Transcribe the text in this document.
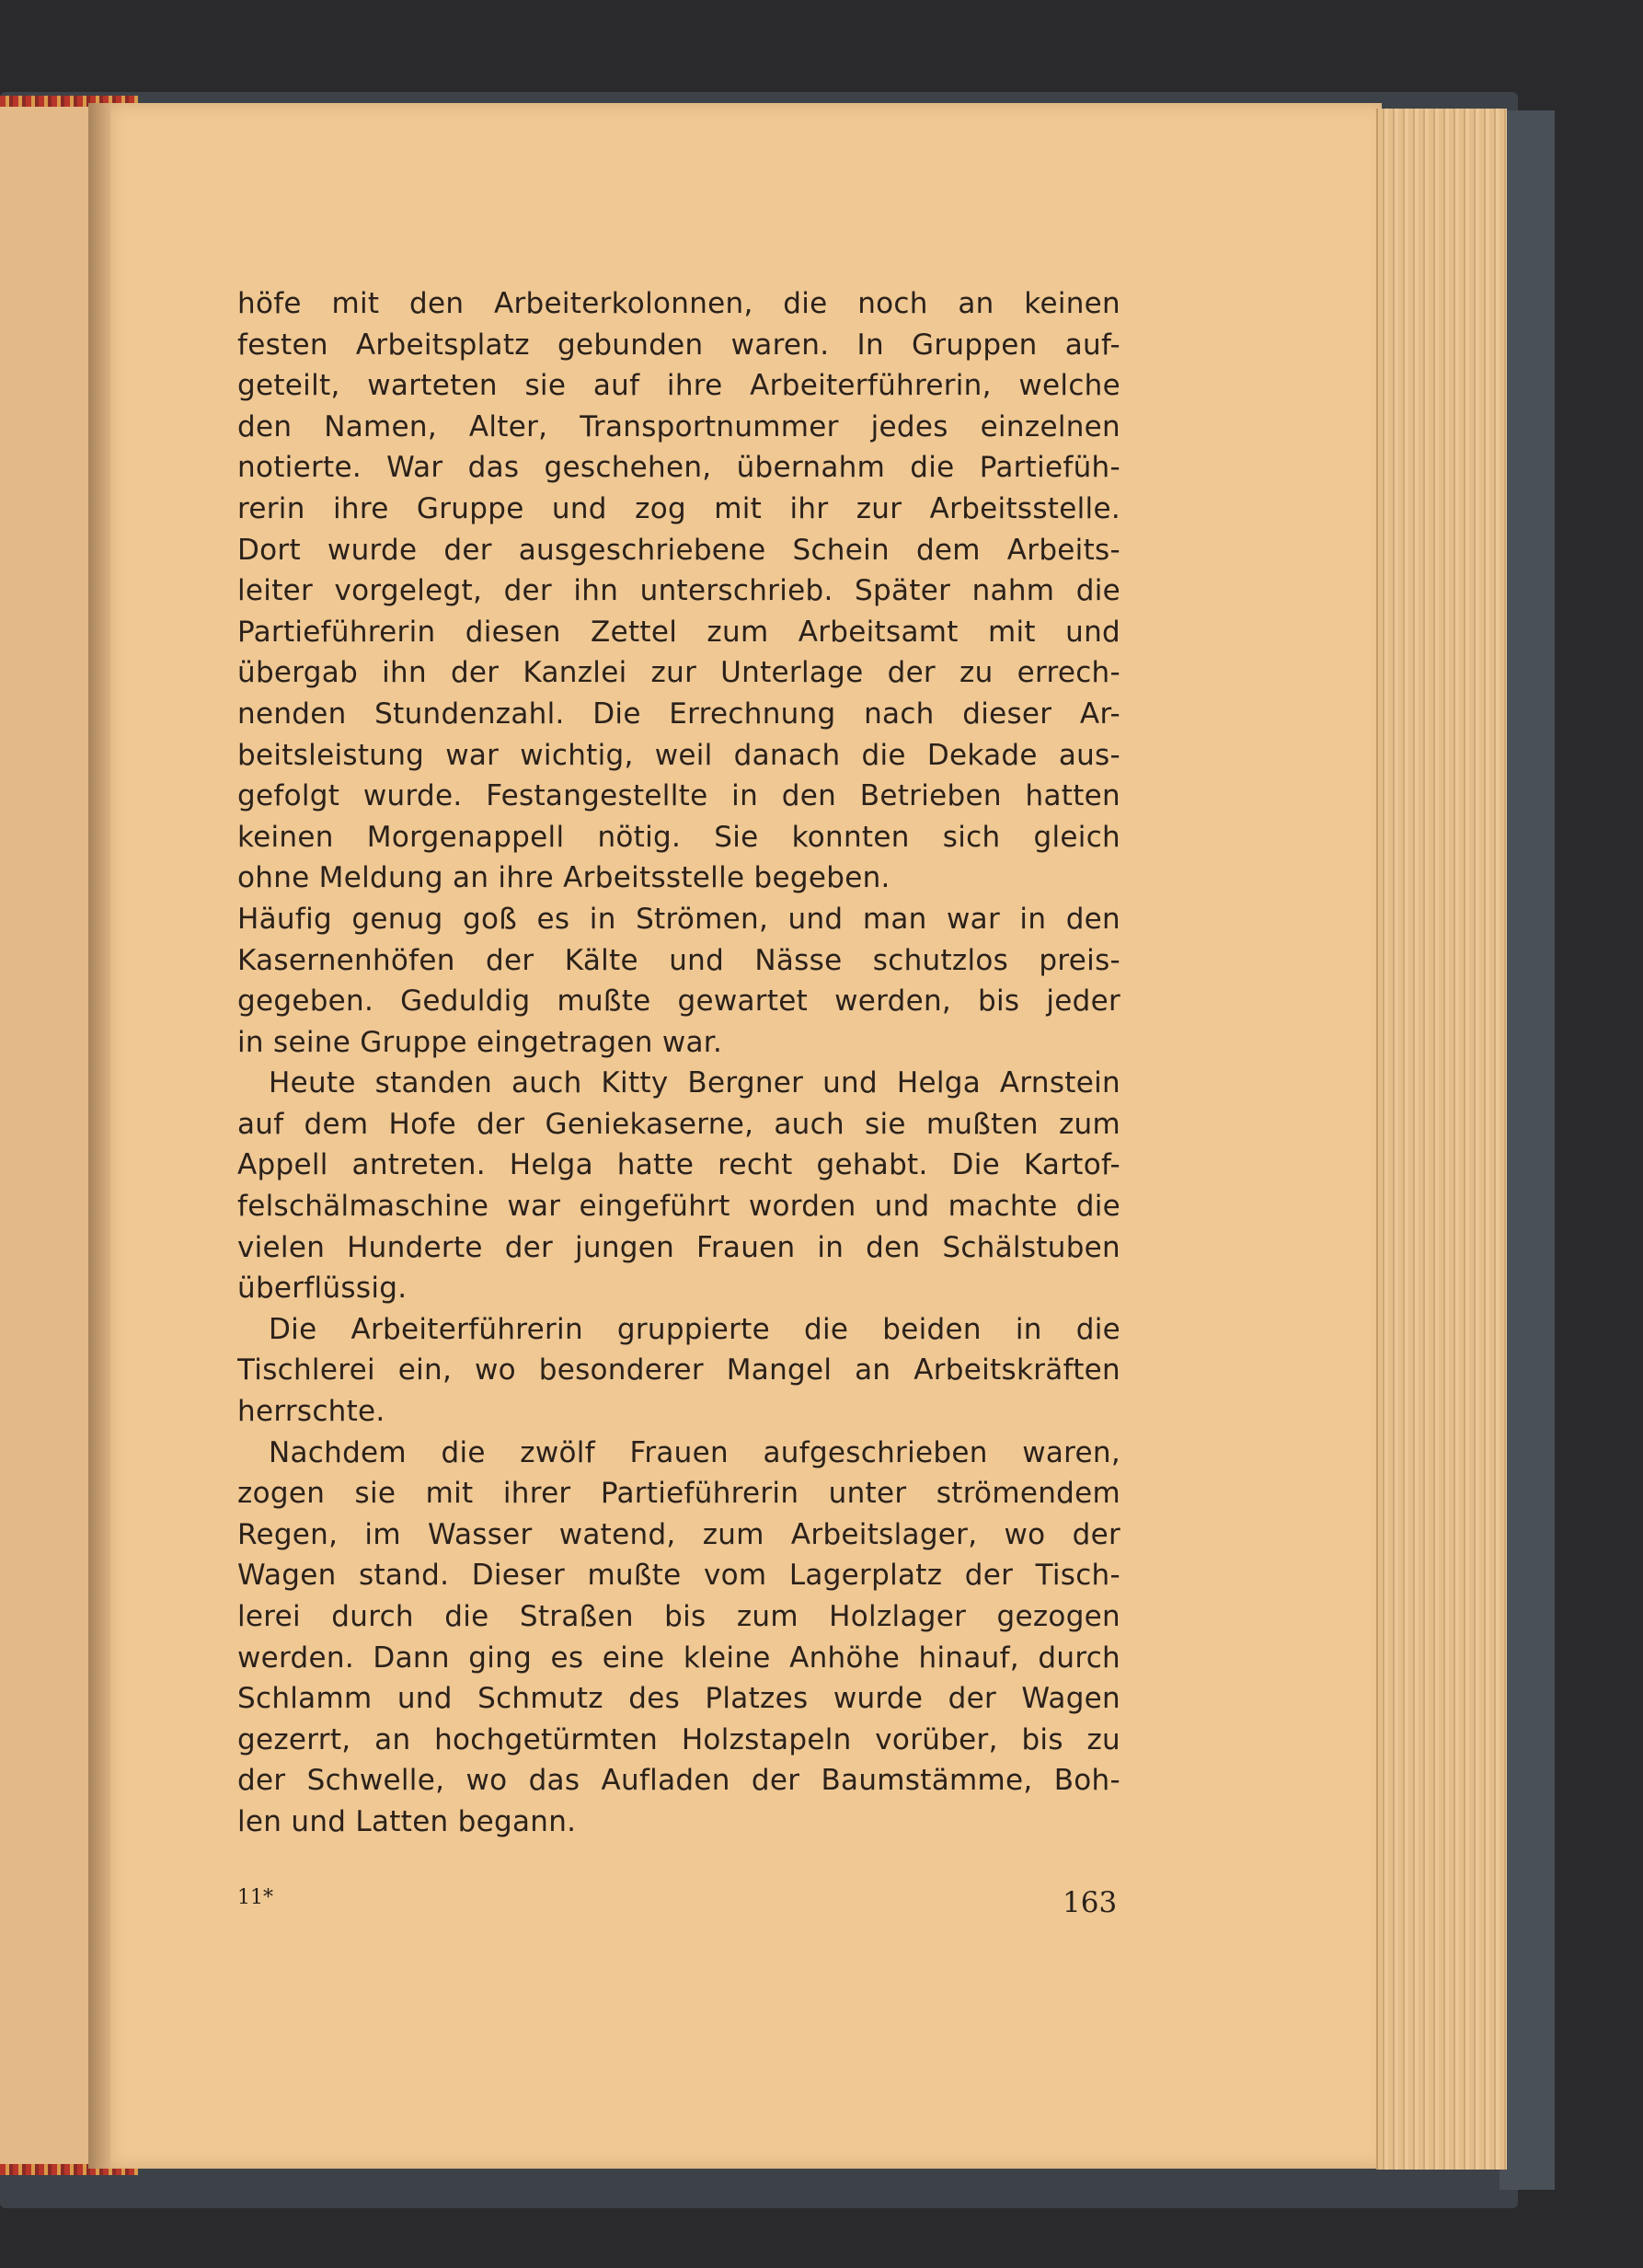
höfe mit den Arbeiterkolonnen, die noch an keinen
festen Arbeitsplatz gebunden waren. In Gruppen auf-
geteilt, warteten sie auf ihre Arbeiterführerin, welche
den Namen, Alter, Transportnummer jedes einzelnen
notierte. War das geschehen, übernahm die Partiefüh-
rerin ihre Gruppe und zog mit ihr zur Arbeitsstelle.
Dort wurde der ausgeschriebene Schein dem Arbeits-
leiter vorgelegt, der ihn unterschrieb. Später nahm die
Partieführerin diesen Zettel zum Arbeitsamt mit und
übergab ihn der Kanzlei zur Unterlage der zu errech-
nenden Stundenzahl. Die Errechnung nach dieser Ar-
beitsleistung war wichtig, weil danach die Dekade aus-
gefolgt wurde. Festangestellte in den Betrieben hatten
keinen Morgenappell nötig. Sie konnten sich gleich
ohne Meldung an ihre Arbeitsstelle begeben.
Häufig genug goß es in Strömen, und man war in den
Kasernenhöfen der Kälte und Nässe schutzlos preis-
gegeben. Geduldig mußte gewartet werden, bis jeder
in seine Gruppe eingetragen war.
Heute standen auch Kitty Bergner und Helga Arnstein
auf dem Hofe der Geniekaserne, auch sie mußten zum
Appell antreten. Helga hatte recht gehabt. Die Kartof-
felschälmaschine war eingeführt worden und machte die
vielen Hunderte der jungen Frauen in den Schälstuben
überflüssig.
Die Arbeiterführerin gruppierte die beiden in die
Tischlerei ein, wo besonderer Mangel an Arbeitskräften
herrschte.
Nachdem die zwölf Frauen aufgeschrieben waren,
zogen sie mit ihrer Partieführerin unter strömendem
Regen, im Wasser watend, zum Arbeitslager, wo der
Wagen stand. Dieser mußte vom Lagerplatz der Tisch-
lerei durch die Straßen bis zum Holzlager gezogen
werden. Dann ging es eine kleine Anhöhe hinauf, durch
Schlamm und Schmutz des Platzes wurde der Wagen
gezerrt, an hochgetürmten Holzstapeln vorüber, bis zu
der Schwelle, wo das Aufladen der Baumstämme, Boh-
len und Latten begann.
11*	163
